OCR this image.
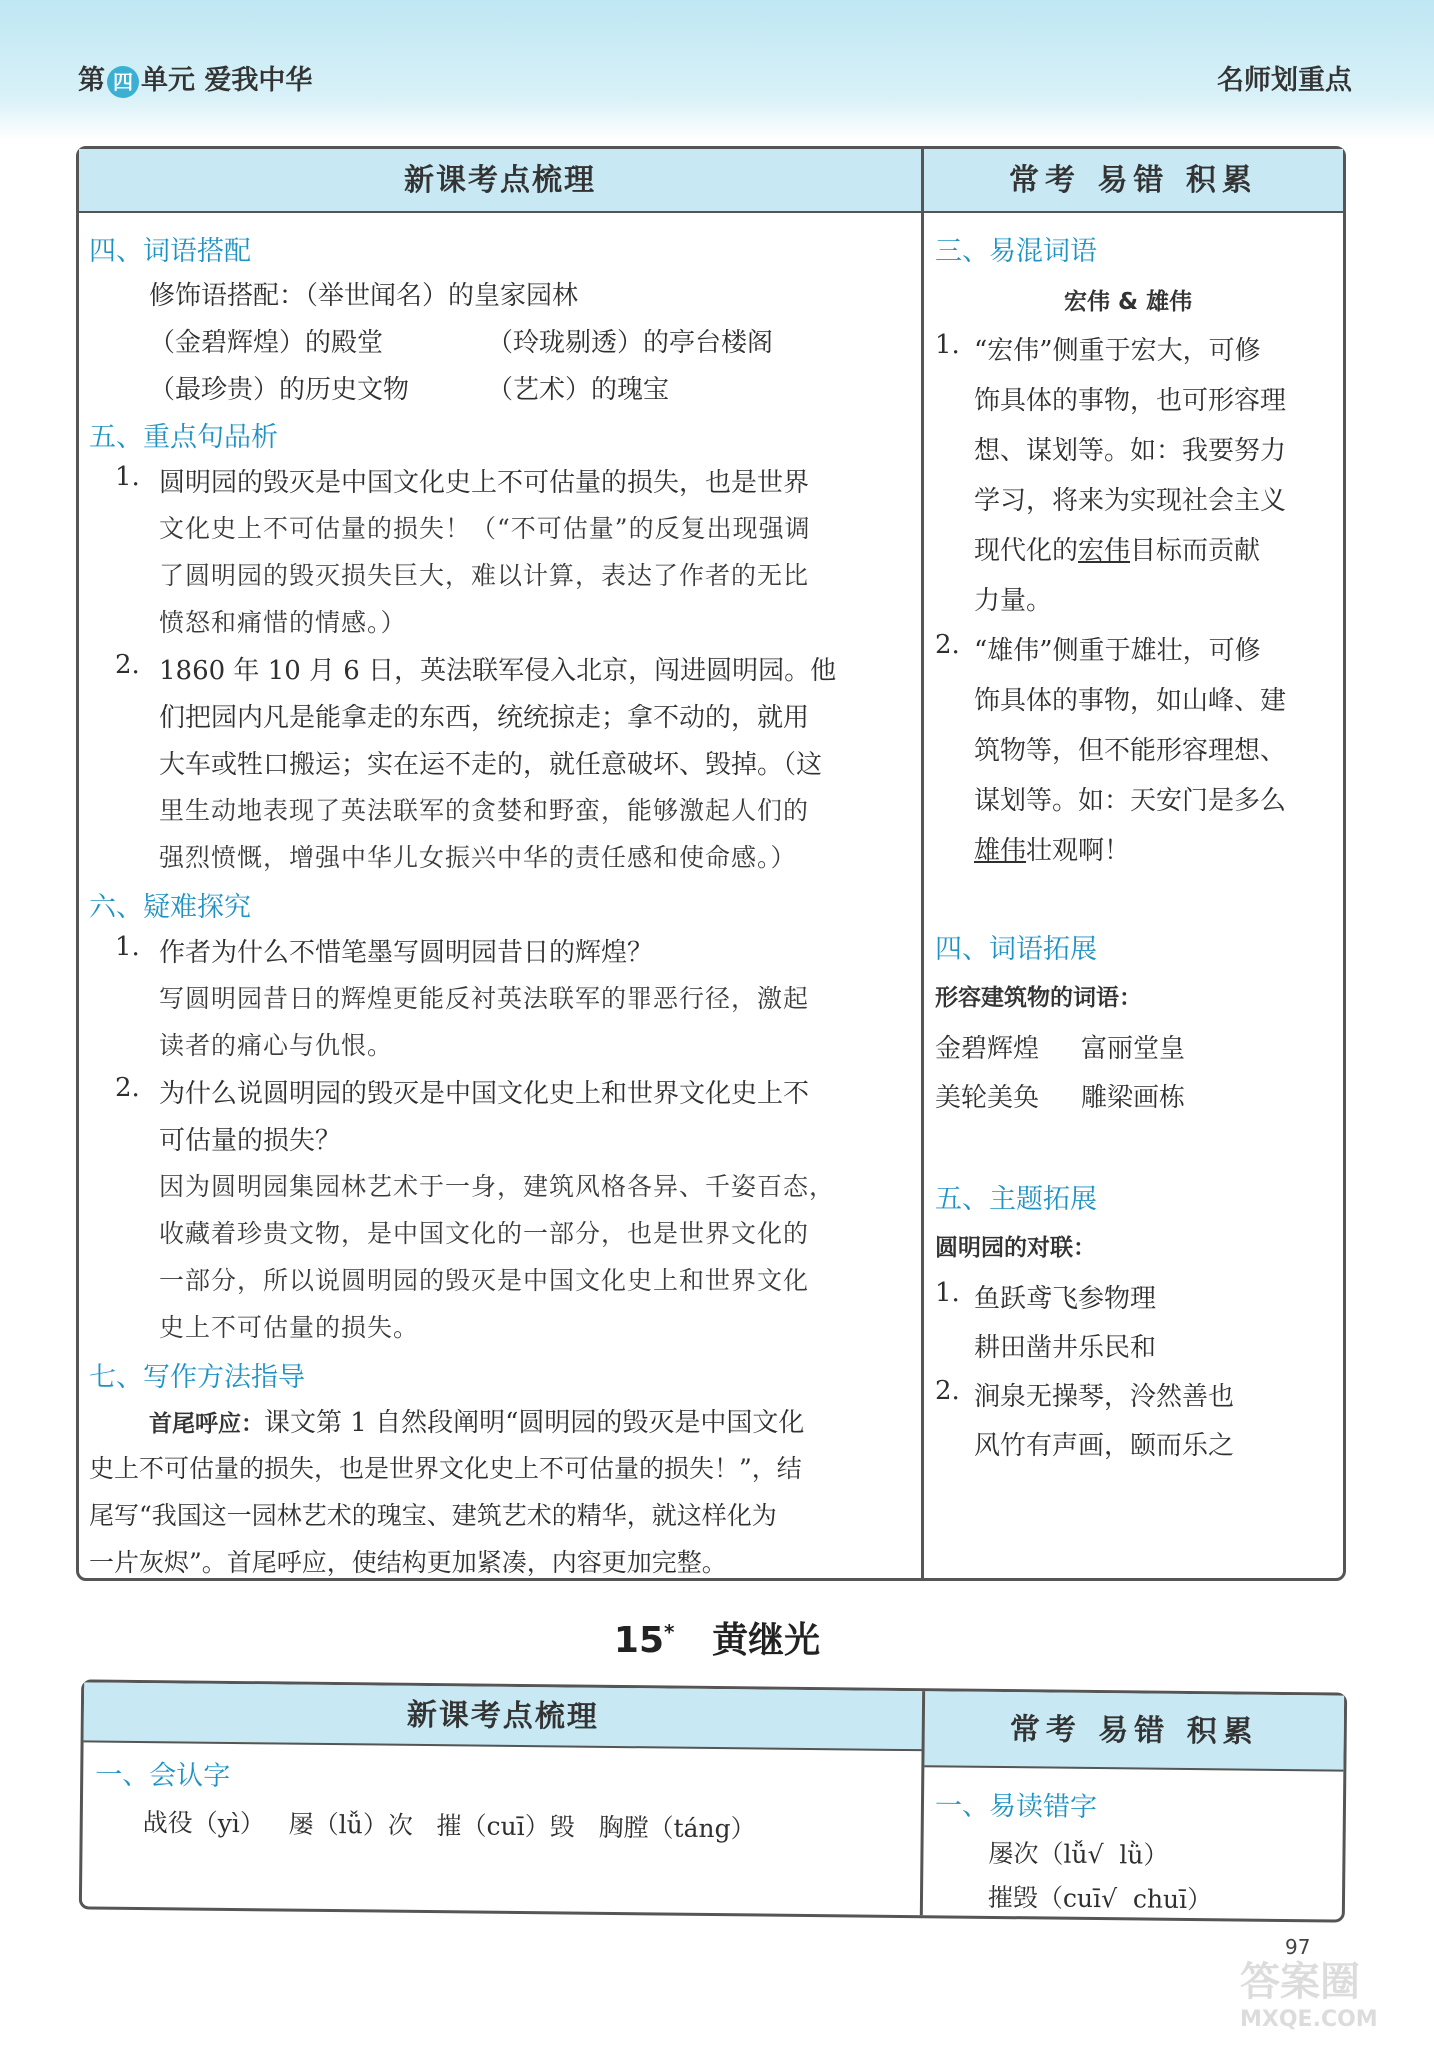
第 四 单元 爱我中华	名师划重点
新课考点梳理	常考 易错 积累
四、词语搭配
修饰语搭配：（举世闻名）的皇家园林
（金碧辉煌）的殿堂	（玲珑剔透）的亭台楼阁
（最珍贵）的历史文物	（艺术）的瑰宝
五、重点句品析
1. 圆明园的毁灭是中国文化史上不可估量的损失，也是世界
文化史上不可估量的损失！（“不可估量”的反复出现强调
了圆明园的毁灭损失巨大，难以计算，表达了作者的无比
愤怒和痛惜的情感。）
2. 1860 年 10 月 6 日，英法联军侵入北京，闯进圆明园。他
们把园内凡是能拿走的东西，统统掠走；拿不动的，就用
大车或牲口搬运；实在运不走的，就任意破坏、毁掉。（这
里生动地表现了英法联军的贪婪和野蛮，能够激起人们的
强烈愤慨，增强中华儿女振兴中华的责任感和使命感。）
六、疑难探究
1. 作者为什么不惜笔墨写圆明园昔日的辉煌？
写圆明园昔日的辉煌更能反衬英法联军的罪恶行径，激起
读者的痛心与仇恨。
2. 为什么说圆明园的毁灭是中国文化史上和世界文化史上不
可估量的损失？
因为圆明园集园林艺术于一身，建筑风格各异、千姿百态，
收藏着珍贵文物，是中国文化的一部分，也是世界文化的
一部分，所以说圆明园的毁灭是中国文化史上和世界文化
史上不可估量的损失。
七、写作方法指导
首尾呼应：课文第 1 自然段阐明“圆明园的毁灭是中国文化
史上不可估量的损失，也是世界文化史上不可估量的损失！”，结
尾写“我国这一园林艺术的瑰宝、建筑艺术的精华，就这样化为
一片灰烬”。首尾呼应，使结构更加紧凑，内容更加完整。
三、易混词语
宏伟 & 雄伟
1. “宏伟”侧重于宏大，可修
饰具体的事物，也可形容理
想、谋划等。如：我要努力
学习，将来为实现社会主义
现代化的宏伟目标而贡献
力量。
2. “雄伟”侧重于雄壮，可修
饰具体的事物，如山峰、建
筑物等，但不能形容理想、
谋划等。如：天安门是多么
雄伟壮观啊！
四、词语拓展
形容建筑物的词语：
金碧辉煌 富丽堂皇
美轮美奂 雕梁画栋
五、主题拓展
圆明园的对联：
1. 鱼跃鸢飞参物理
耕田凿井乐民和
2. 涧泉无操琴，泠然善也
风竹有声画，颐而乐之
15* 黄继光
新课考点梳理	常考 易错 积累
一、会认字
战役（yì）   屡（lǚ）次   摧（cuī）毁   胸膛（táng）
一、易读错字
屡次（lǚ√  lǜ）
摧毁（cuī√  chuī）
97
答案圈
MXQE.COM
